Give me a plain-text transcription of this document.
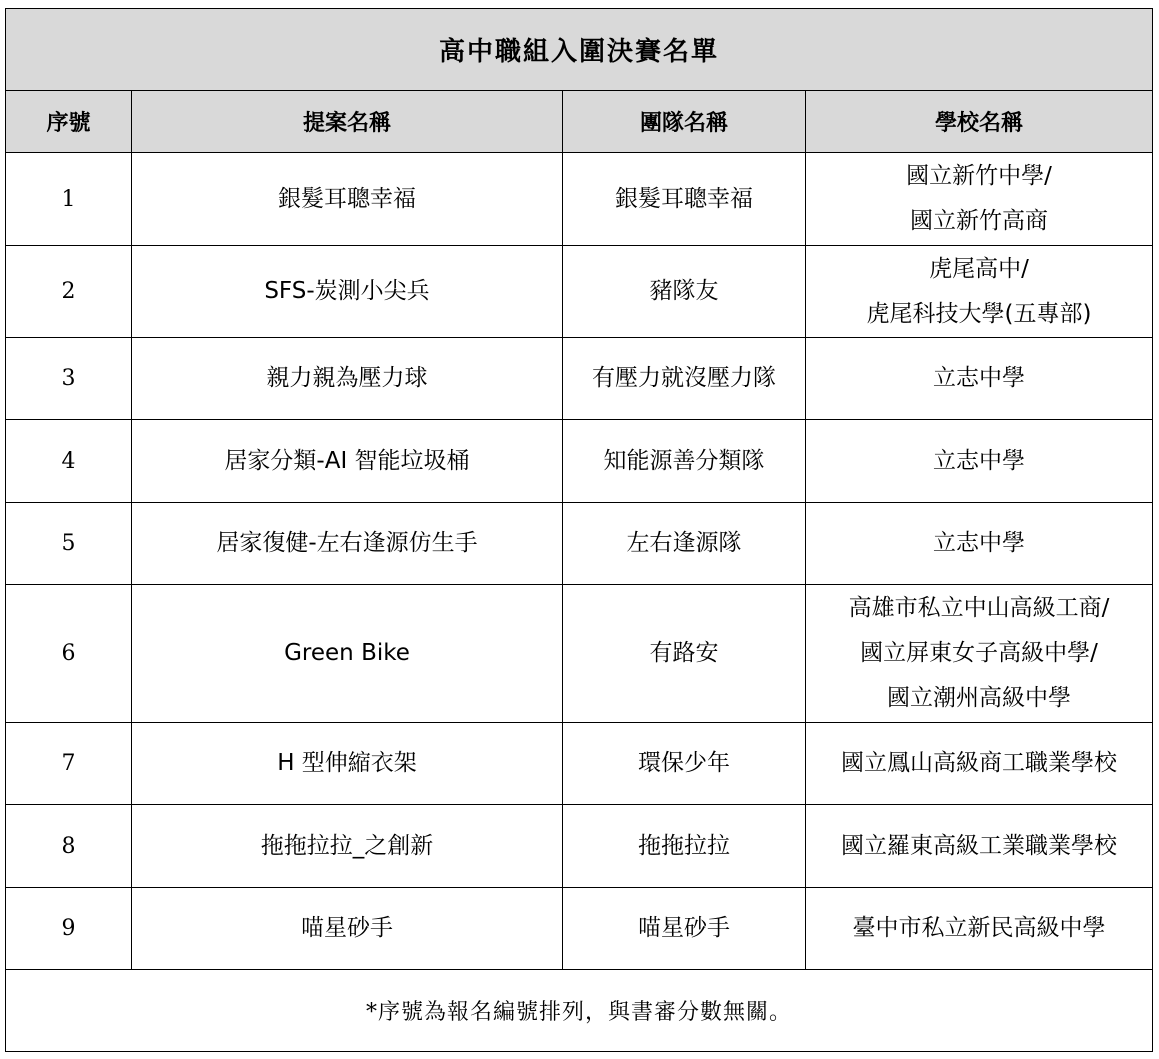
高中職組入圍決賽名單			
序號	提案名稱	團隊名稱	學校名稱
1	銀髮耳聰幸福	銀髮耳聰幸福	國立新竹中學/
國立新竹高商

2	SFS-炭測小尖兵	豬隊友	虎尾高中/
虎尾科技大學(五專部)

3	親力親為壓力球	有壓力就沒壓力隊	立志中學

4	居家分類-AI 智能垃圾桶	知能源善分類隊	立志中學

5	居家復健-左右逢源仿生手	左右逢源隊	立志中學

6	Green Bike	有路安	高雄市私立中山高級工商/
國立屏東女子高級中學/
國立潮州高級中學

7	H 型伸縮衣架	環保少年	國立鳳山高級商工職業學校

8	拖拖拉拉_之創新	拖拖拉拉	國立羅東高級工業職業學校

9	喵星砂手	喵星砂手	臺中市私立新民高級中學

*序號為報名編號排列，與書審分數無關。			
